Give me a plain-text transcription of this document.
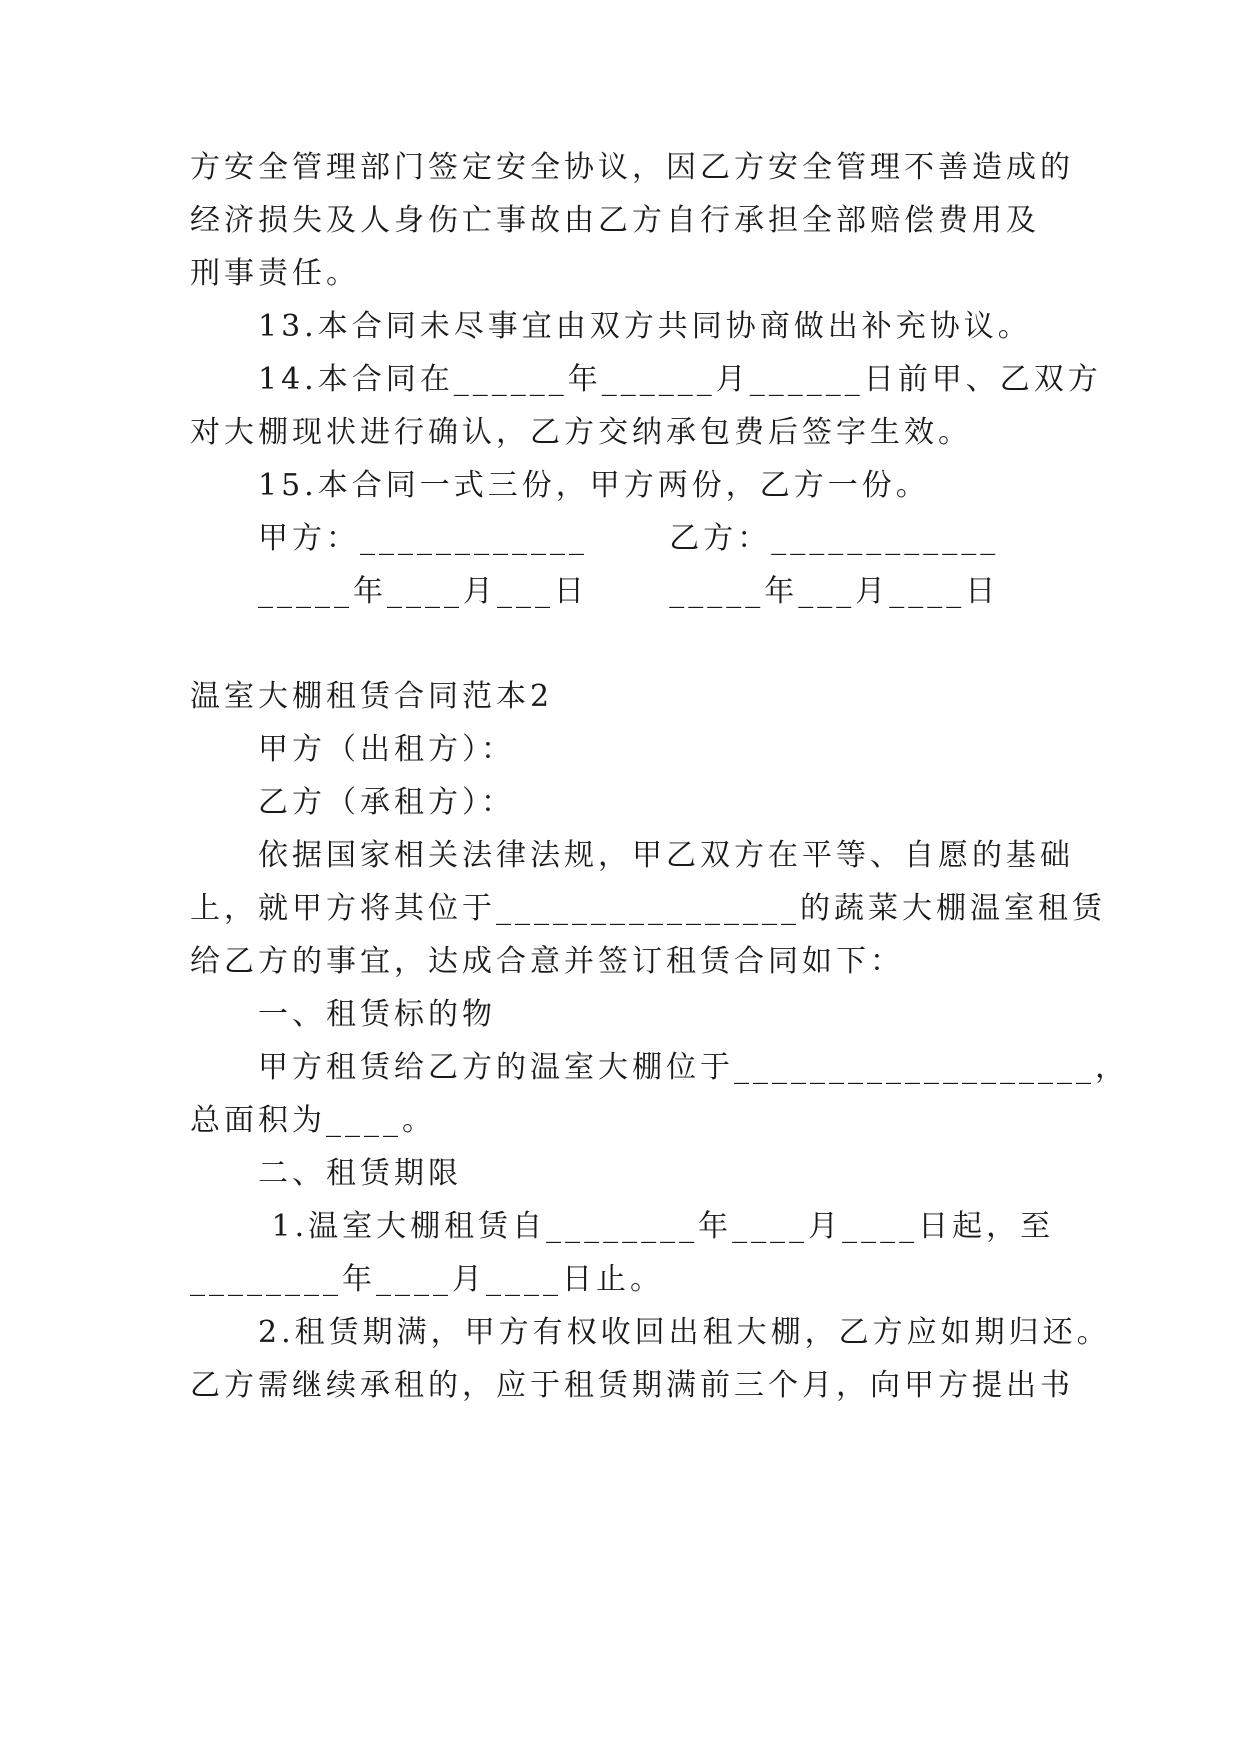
方安全管理部门签定安全协议，因乙方安全管理不善造成的
经济损失及人身伤亡事故由乙方自行承担全部赔偿费用及
刑事责任。
13.本合同未尽事宜由双方共同协商做出补充协议。
14.本合同在______年______月______日前甲、乙双方
对大棚现状进行确认，乙方交纳承包费后签字生效。
15.本合同一式三份，甲方两份，乙方一份。
甲方：____________      乙方：____________
_____年____月___日      _____年___月____日
温室大棚租赁合同范本2
甲方（出租方）：
乙方（承租方）：
依据国家相关法律法规，甲乙双方在平等、自愿的基础
上，就甲方将其位于________________的蔬菜大棚温室租赁
给乙方的事宜，达成合意并签订租赁合同如下：
一、租赁标的物
甲方租赁给乙方的温室大棚位于___________________，
总面积为____。
二、租赁期限
1.温室大棚租赁自________年____月____日起，至
________年____月____日止。
2.租赁期满，甲方有权收回出租大棚，乙方应如期归还。
乙方需继续承租的，应于租赁期满前三个月，向甲方提出书
